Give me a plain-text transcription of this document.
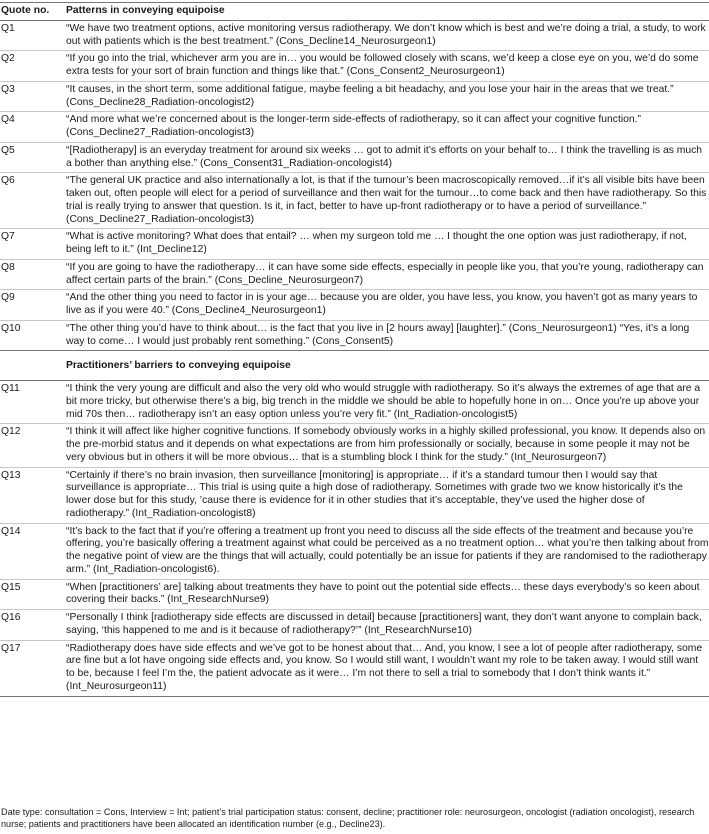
Quote no.	Patterns in conveying equipoise
Q1	“We have two treatment options, active monitoring versus radiotherapy. We don’t know which is best and we’re doing a trial, a study, to work out with patients which is the best treatment.” (Cons_Decline14_Neurosurgeon1)
Q2	“If you go into the trial, whichever arm you are in… you would be followed closely with scans, we’d keep a close eye on you, we’d do some extra tests for your sort of brain function and things like that.” (Cons_Consent2_Neurosurgeon1)
Q3	“It causes, in the short term, some additional fatigue, maybe feeling a bit headachy, and you lose your hair in the areas that we treat.” (Cons_Decline28_Radiation-oncologist2)
Q4	“And more what we’re concerned about is the longer-term side-effects of radiotherapy, so it can affect your cognitive function.” (Cons_Decline27_Radiation-oncologist3)
Q5	“[Radiotherapy] is an everyday treatment for around six weeks … got to admit it’s efforts on your behalf to… I think the travelling is as much a bother than anything else.” (Cons_Consent31_Radiation-oncologist4)
Q6	“The general UK practice and also internationally a lot, is that if the tumour’s been macroscopically removed…if it’s all visible bits have been taken out, often people will elect for a period of surveillance and then wait for the tumour…to come back and then have radiotherapy. So this trial is really trying to answer that question. Is it, in fact, better to have up-front radiotherapy or to have a period of surveillance.” (Cons_Decline27_Radiation-oncologist3)
Q7	“What is active monitoring? What does that entail? … when my surgeon told me … I thought the one option was just radiotherapy, if not, being left to it.” (Int_Decline12)
Q8	“If you are going to have the radiotherapy… it can have some side effects, especially in people like you, that you’re young, radiotherapy can affect certain parts of the brain.” (Cons_Decline_Neurosurgeon7)
Q9	“And the other thing you need to factor in is your age… because you are older, you have less, you know, you haven’t got as many years to live as if you were 40.” (Cons_Decline4_Neurosurgeon1)
Q10	“The other thing you’d have to think about… is the fact that you live in [2 hours away] [laughter].” (Cons_Neurosurgeon1) “Yes, it’s a long way to come… I would just probably rent something.” (Cons_Consent5)
	Practitioners’ barriers to conveying equipoise
Q11	“I think the very young are difficult and also the very old who would struggle with radiotherapy. So it’s always the extremes of age that are a bit more tricky, but otherwise there’s a big, big trench in the middle we should be able to hopefully hone in on… Once you’re up above your mid 70s then… radiotherapy isn’t an easy option unless you’re very fit.” (Int_Radiation-oncologist5)
Q12	“I think it will affect like higher cognitive functions. If somebody obviously works in a highly skilled professional, you know. It depends also on the pre-morbid status and it depends on what expectations are from him professionally or socially, because in some people it may not be very obvious but in others it will be more obvious… that is a stumbling block I think for the study.” (Int_Neurosurgeon7)
Q13	“Certainly if there’s no brain invasion, then surveillance [monitoring] is appropriate… if it’s a standard tumour then I would say that surveillance is appropriate… This trial is using quite a high dose of radiotherapy. Sometimes with grade two we know historically it’s the lower dose but for this study, ’cause there is evidence for it in other studies that it’s acceptable, they’ve used the higher dose of radiotherapy.” (Int_Radiation-oncologist8)
Q14	“It’s back to the fact that if you’re offering a treatment up front you need to discuss all the side effects of the treatment and because you’re offering, you’re basically offering a treatment against what could be perceived as a no treatment option… what you’re then talking about from the negative point of view are the things that will actually, could potentially be an issue for patients if they are randomised to the radiotherapy arm.” (Int_Radiation-oncologist6).
Q15	“When [practitioners’ are] talking about treatments they have to point out the potential side effects… these days everybody’s so keen about covering their backs.” (Int_ResearchNurse9)
Q16	“Personally I think [radiotherapy side effects are discussed in detail] because [practitioners] want, they don’t want anyone to complain back, saying, ‘this happened to me and is it because of radiotherapy?’” (Int_ResearchNurse10)
Q17	“Radiotherapy does have side effects and we’ve got to be honest about that… And, you know, I see a lot of people after radiotherapy, some are fine but a lot have ongoing side effects and, you know. So I would still want, I wouldn’t want my role to be taken away. I would still want to be, because I feel I’m the, the patient advocate as it were… I’m not there to sell a trial to somebody that I don’t think wants it.” (Int_Neurosurgeon11)
Date type: consultation = Cons, Interview = Int; patient’s trial participation status: consent, decline; practitioner role: neurosurgeon, oncologist (radiation oncologist), research nurse; patients and practitioners have been allocated an identification number (e.g., Decline23).
